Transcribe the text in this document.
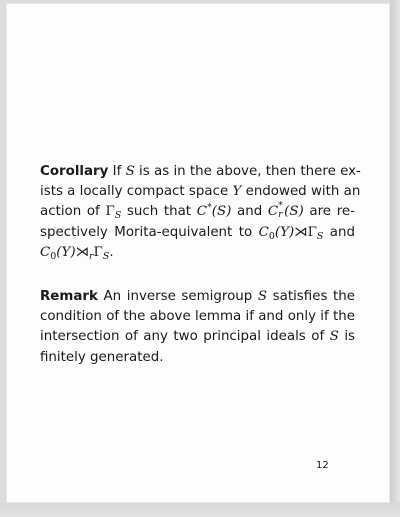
Corollary If S is as in the above, then there ex-
ists a locally compact space Y endowed with an
action of $\Gamma_S$ such that C*(S) and C *
r (S) are re-
spectively Morita-equivalent to $C_0(Y)⋊\Gamma_S$ and
$C_0(Y)⋊_r\Gamma_S$.
Remark An inverse semigroup S satisfies the
condition of the above lemma if and only if the
intersection of any two principal ideals of S is
finitely generated.
12
